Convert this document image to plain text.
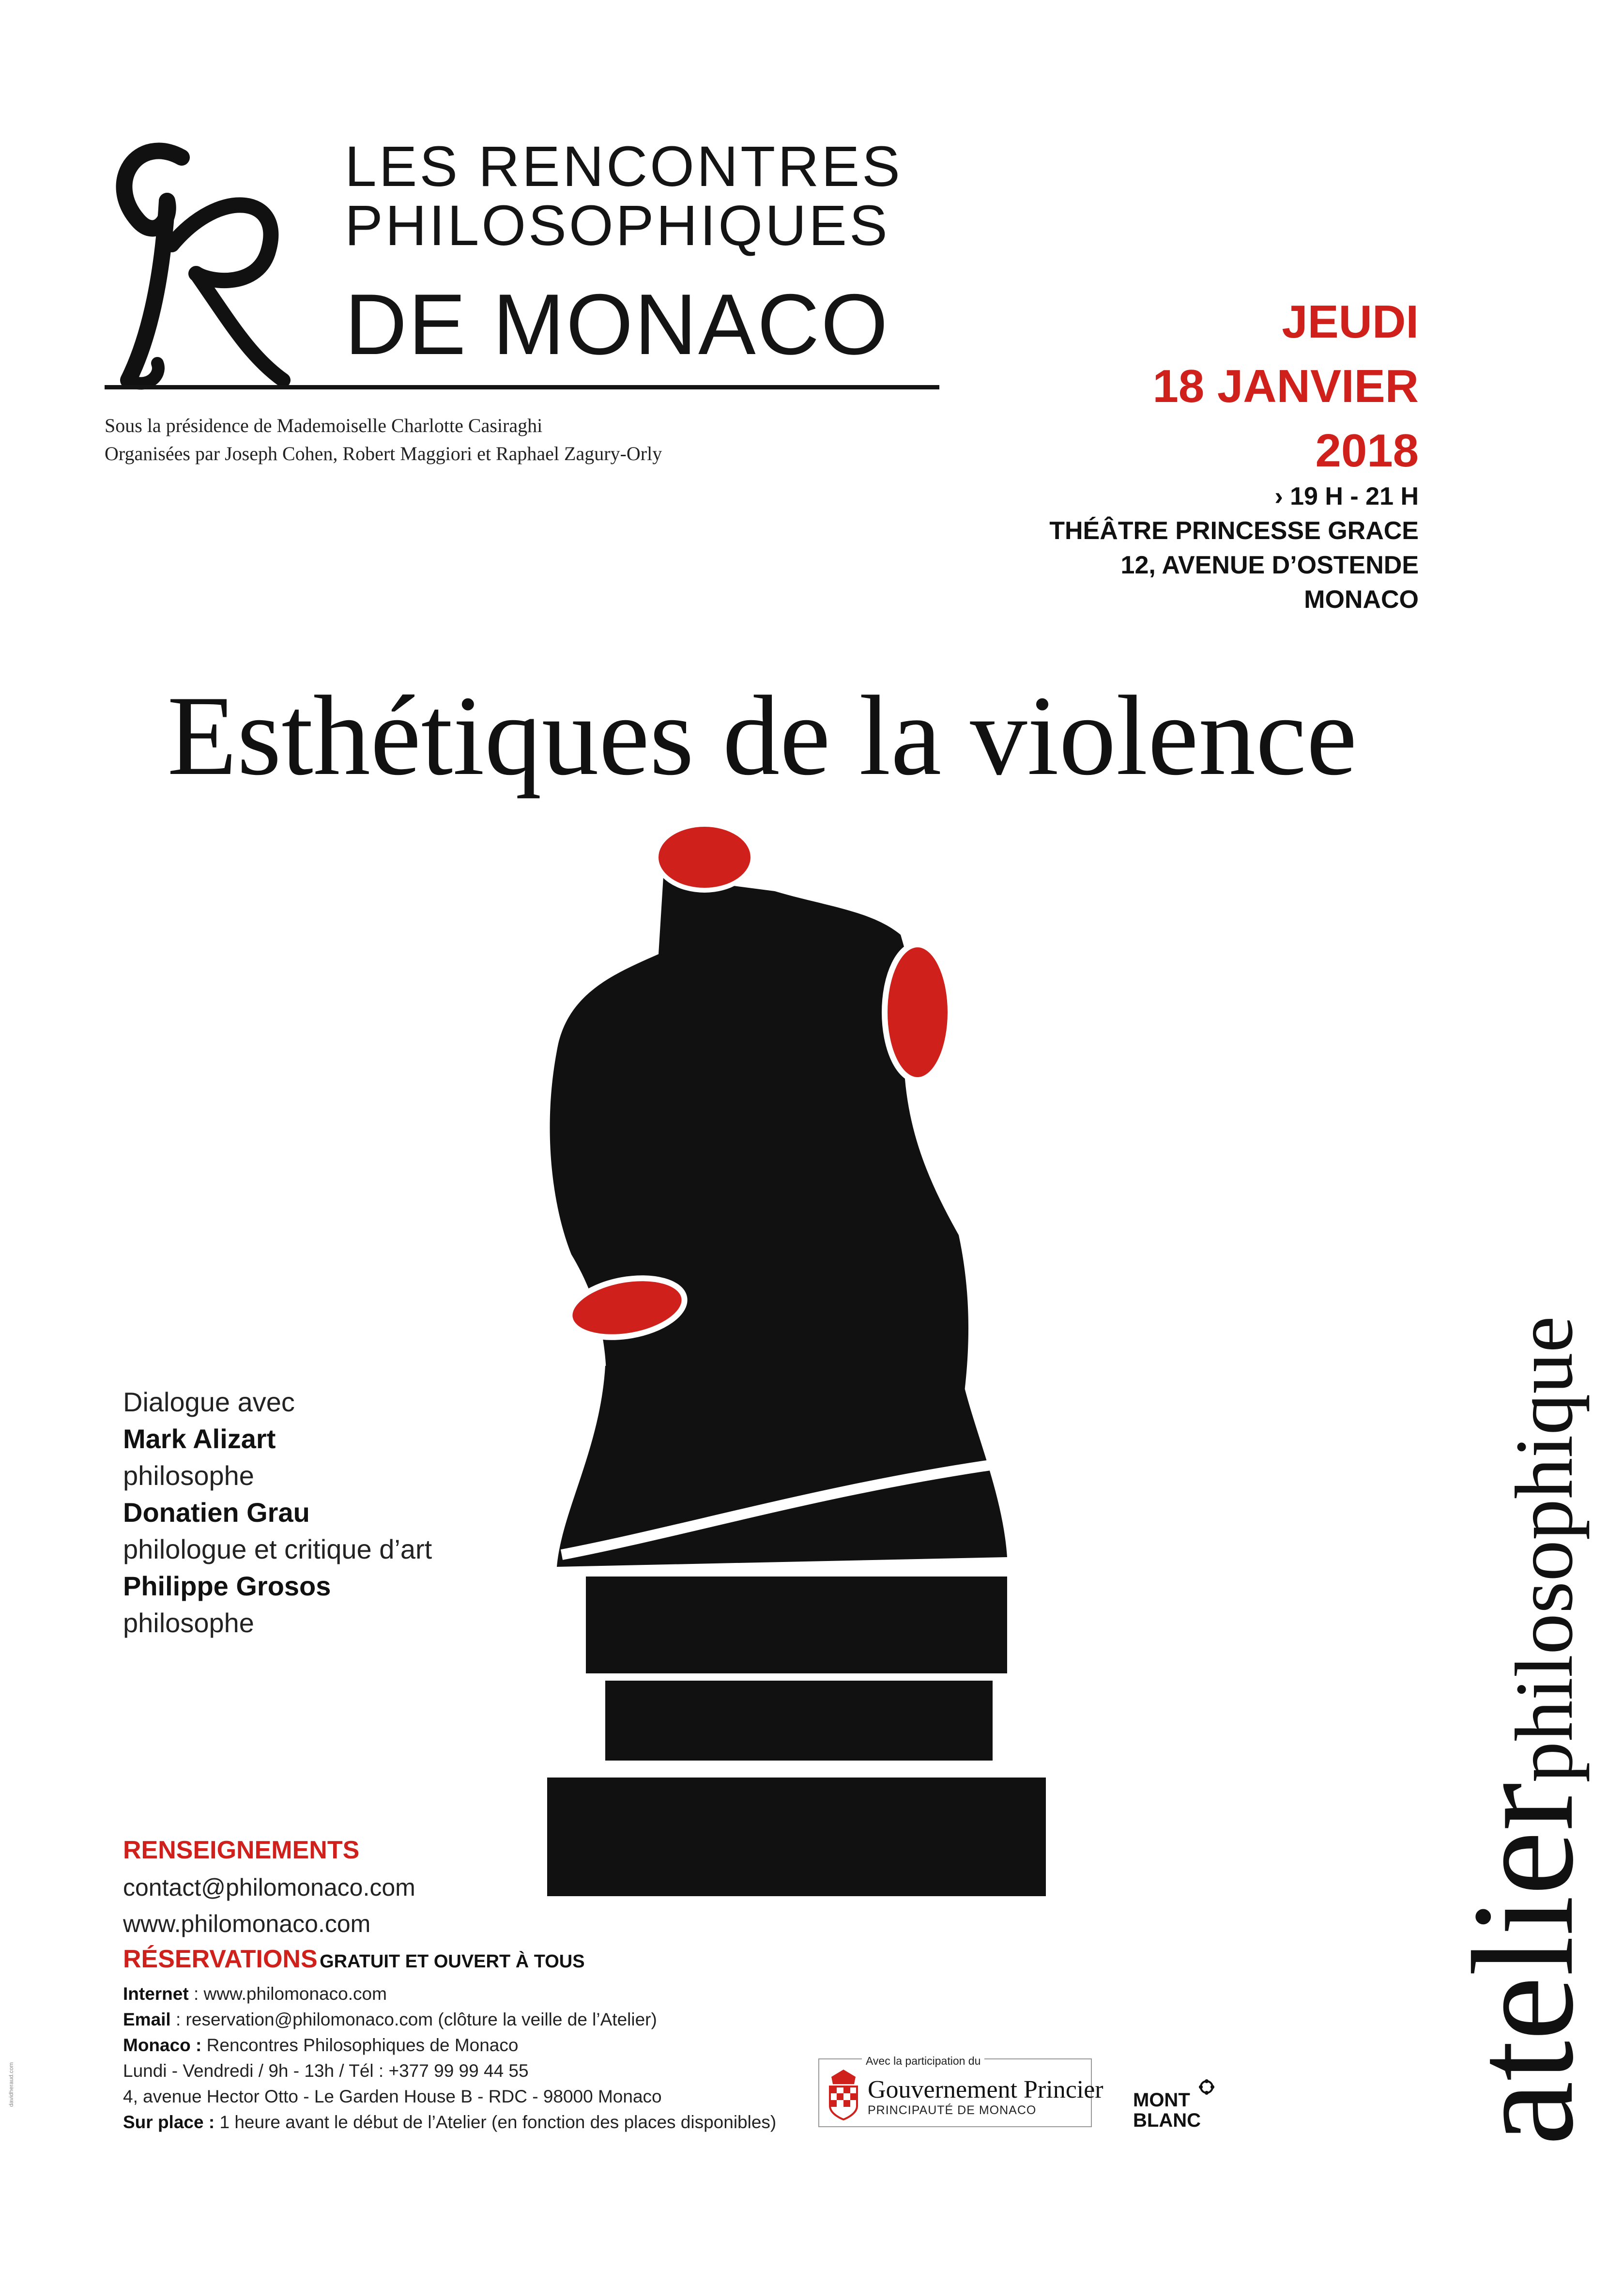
LES RENCONTRES
PHILOSOPHIQUES
DE MONACO
Sous la présidence de Mademoiselle Charlotte Casiraghi
Organisées par Joseph Cohen, Robert Maggiori et Raphael Zagury-Orly
JEUDI
18 JANVIER
2018
› 19 H - 21 H
THÉÂTRE PRINCESSE GRACE
12, AVENUE D’OSTENDE
MONACO
Esthétiques de la violence
Dialogue avec
Mark Alizart
philosophe
Donatien Grau
philologue et critique d’art
Philippe Grosos
philosophe
atelierphilosophique
RENSEIGNEMENTS
contact@philomonaco.com
www.philomonaco.com
RÉSERVATIONS GRATUIT ET OUVERT À TOUS
Internet : www.philomonaco.com
Email : reservation@philomonaco.com (clôture la veille de l’Atelier)
Monaco : Rencontres Philosophiques de Monaco
Lundi - Vendredi / 9h - 13h / Tél : +377 99 99 44 55
4, avenue Hector Otto - Le Garden House B - RDC - 98000 Monaco
Sur place : 1 heure avant le début de l’Atelier (en fonction des places disponibles)
Avec la participation du
Gouvernement Princier
PRINCIPAUTÉ DE MONACO	MONT
BLANC
davidheraud.com
